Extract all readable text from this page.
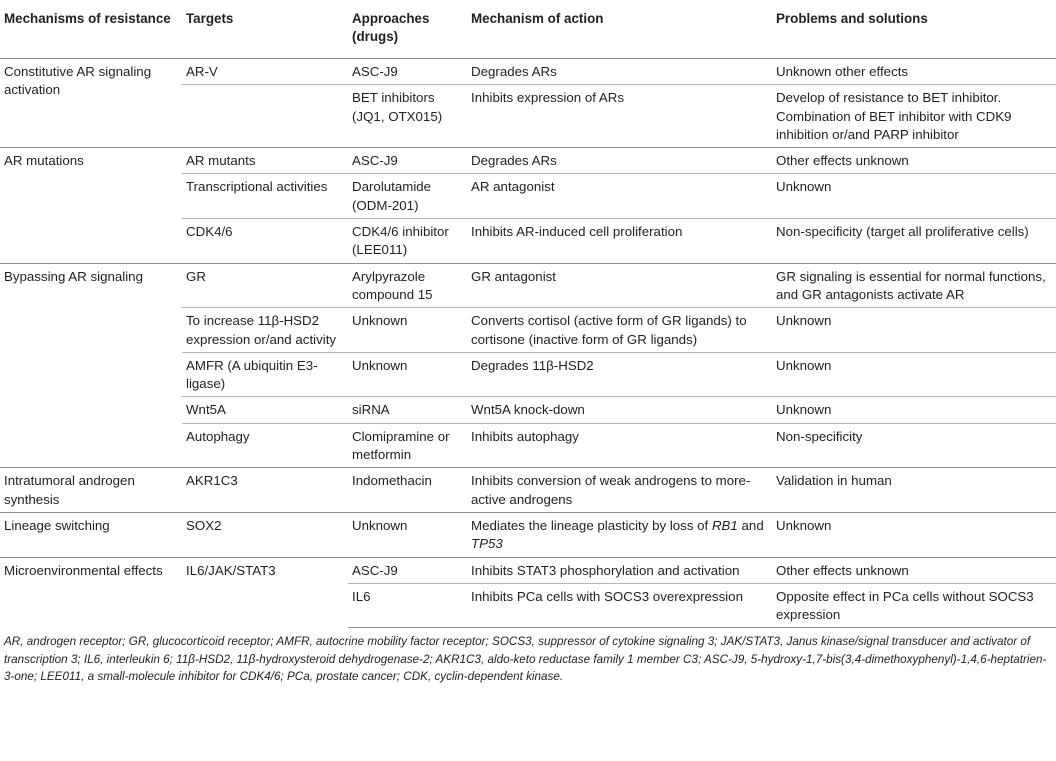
Mechanisms of resistance	Targets	Approaches (drugs)	Mechanism of action	Problems and solutions
Constitutive AR signaling activation	AR-V	ASC-J9	Degrades ARs	Unknown other effects
		BET inhibitors (JQ1, OTX015)	Inhibits expression of ARs	Develop of resistance to BET inhibitor. Combination of BET inhibitor with CDK9 inhibition or/and PARP inhibitor
AR mutations	AR mutants	ASC-J9	Degrades ARs	Other effects unknown
	Transcriptional activities	Darolutamide (ODM-201)	AR antagonist	Unknown
	CDK4/6	CDK4/6 inhibitor (LEE011)	Inhibits AR-induced cell proliferation	Non-specificity (target all proliferative cells)
Bypassing AR signaling	GR	Arylpyrazole compound 15	GR antagonist	GR signaling is essential for normal functions, and GR antagonists activate AR
	To increase 11β-HSD2 expression or/and activity	Unknown	Converts cortisol (active form of GR ligands) to cortisone (inactive form of GR ligands)	Unknown
	AMFR (A ubiquitin E3-ligase)	Unknown	Degrades 11β-HSD2	Unknown
	Wnt5A	siRNA	Wnt5A knock-down	Unknown
	Autophagy	Clomipramine or metformin	Inhibits autophagy	Non-specificity
Intratumoral androgen synthesis	AKR1C3	Indomethacin	Inhibits conversion of weak androgens to more-active androgens	Validation in human
Lineage switching	SOX2	Unknown	Mediates the lineage plasticity by loss of RB1 and TP53	Unknown
Microenvironmental effects	IL6/JAK/STAT3	ASC-J9	Inhibits STAT3 phosphorylation and activation	Other effects unknown
		IL6	Inhibits PCa cells with SOCS3 overexpression	Opposite effect in PCa cells without SOCS3 expression
AR, androgen receptor; GR, glucocorticoid receptor; AMFR, autocrine mobility factor receptor; SOCS3, suppressor of cytokine signaling 3; JAK/STAT3, Janus kinase/signal transducer and activator of transcription 3; IL6, interleukin 6; 11β-HSD2, 11β-hydroxysteroid dehydrogenase-2; AKR1C3, aldo-keto reductase family 1 member C3; ASC-J9, 5-hydroxy-1,7-bis(3,4-dimethoxyphenyl)-1,4,6-heptatrien-3-one; LEE011, a small-molecule inhibitor for CDK4/6; PCa, prostate cancer; CDK, cyclin-dependent kinase.
